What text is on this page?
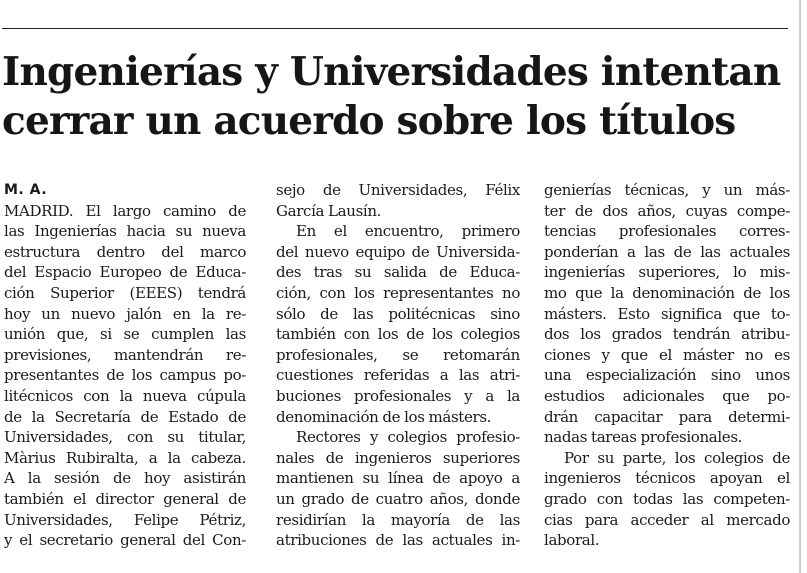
Ingenierías y Universidades intentan
cerrar un acuerdo sobre los títulos
M. A.
MADRID. El largo camino de
las Ingenierías hacia su nueva
estructura dentro del marco
del Espacio Europeo de Educa-
ción Superior (EEES) tendrá
hoy un nuevo jalón en la re-
unión que, si se cumplen las
previsiones, mantendrán re-
presentantes de los campus po-
litécnicos con la nueva cúpula
de la Secretaría de Estado de
Universidades, con su titular,
Màrius Rubiralta, a la cabeza.
A la sesión de hoy asistirán
también el director general de
Universidades, Felipe Pétriz,
y el secretario general del Con-
sejo de Universidades, Félix
García Lausín.
En el encuentro, primero
del nuevo equipo de Universida-
des tras su salida de Educa-
ción, con los representantes no
sólo de las politécnicas sino
también con los de los colegios
profesionales, se retomarán
cuestiones referidas a las atri-
buciones profesionales y a la
denominación de los másters.
Rectores y colegios profesio-
nales de ingenieros superiores
mantienen su línea de apoyo a
un grado de cuatro años, donde
residirían la mayoría de las
atribuciones de las actuales in-
genierías técnicas, y un más-
ter de dos años, cuyas compe-
tencias profesionales corres-
ponderían a las de las actuales
ingenierías superiores, lo mis-
mo que la denominación de los
másters. Esto significa que to-
dos los grados tendrán atribu-
ciones y que el máster no es
una especialización sino unos
estudios adicionales que po-
drán capacitar para determi-
nadas tareas profesionales.
Por su parte, los colegios de
ingenieros técnicos apoyan el
grado con todas las competen-
cias para acceder al mercado
laboral.
